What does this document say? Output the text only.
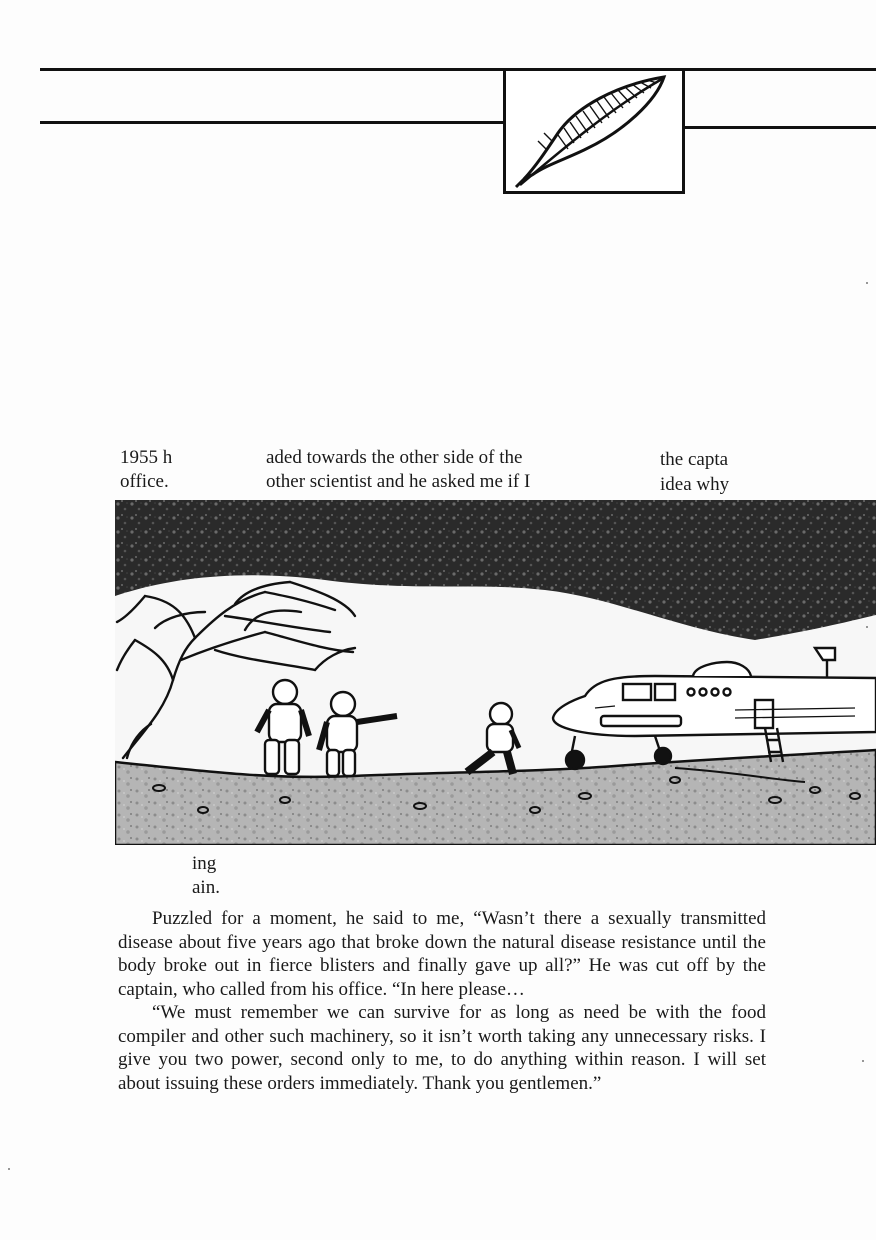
1955 h
office.
aded towards the other side of the
other scientist and he asked me if I
the capta
idea why
ing
ain.

Puzzled for a moment, he said to me, “Wasn’t there a sexually transmitted disease about five years ago that broke down the natural disease resistance until the body broke out in fierce blisters and finally gave up all?” He was cut off by the captain, who called from his office. “In here please…

“We must remember we can survive for as long as need be with the food compiler and other such machinery, so it isn’t worth taking any unnecessary risks. I give you two power, second only to me, to do anything within reason. I will set about issuing these orders immediately. Thank you gentlemen.”
